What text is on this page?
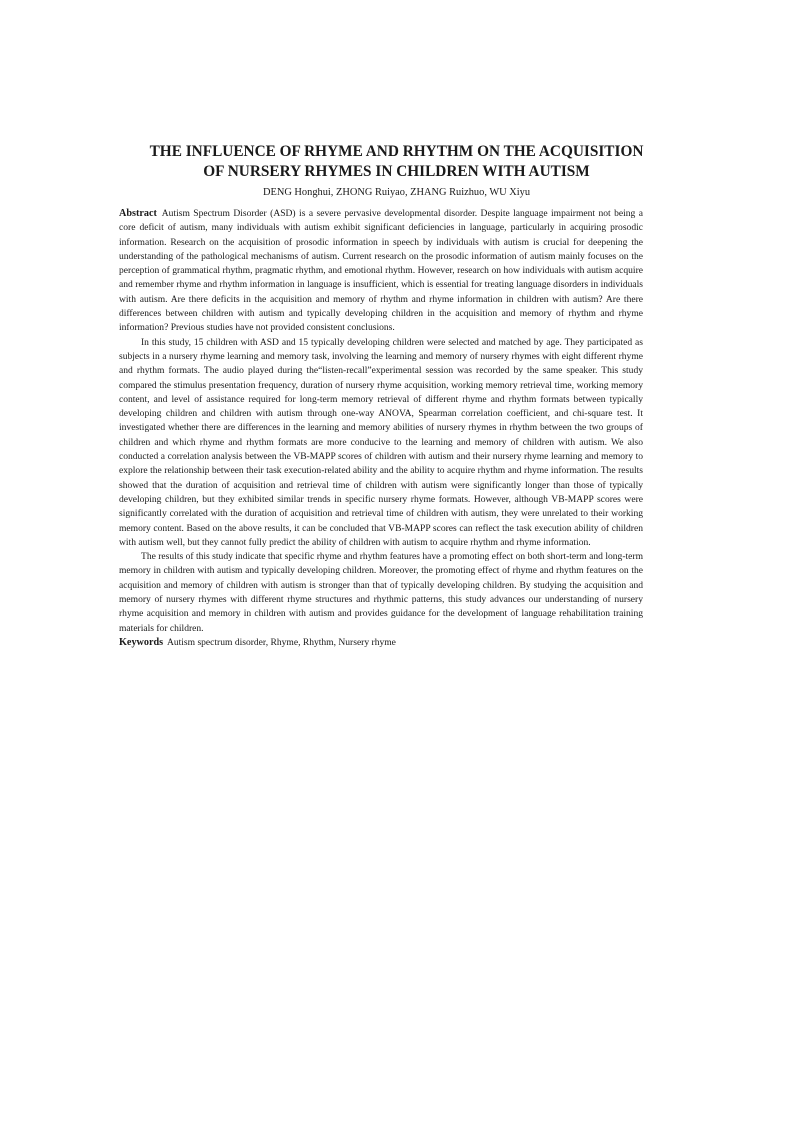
THE INFLUENCE OF RHYME AND RHYTHM ON THE ACQUISITION
OF NURSERY RHYMES IN CHILDREN WITH AUTISM
DENG Honghui, ZHONG Ruiyao, ZHANG Ruizhuo, WU Xiyu

Abstract  Autism Spectrum Disorder (ASD) is a severe pervasive developmental disorder. Despite language impairment not being a core deficit of autism, many individuals with autism exhibit significant deficiencies in language, particularly in acquiring prosodic information. Research on the acquisition of prosodic information in speech by individuals with autism is crucial for deepening the understanding of the pathological mechanisms of autism. Current research on the prosodic information of autism mainly focuses on the perception of grammatical rhythm, pragmatic rhythm, and emotional rhythm. However, research on how individuals with autism acquire and remember rhyme and rhythm information in language is insufficient, which is essential for treating language disorders in individuals with autism. Are there deficits in the acquisition and memory of rhythm and rhyme information in children with autism? Are there differences between children with autism and typically developing children in the acquisition and memory of rhythm and rhyme information? Previous studies have not provided consistent conclusions.

In this study, 15 children with ASD and 15 typically developing children were selected and matched by age. They participated as subjects in a nursery rhyme learning and memory task, involving the learning and memory of nursery rhymes with eight different rhyme and rhythm formats. The audio played during the“listen-recall”experimental session was recorded by the same speaker. This study compared the stimulus presentation frequency, duration of nursery rhyme acquisition, working memory retrieval time, working memory content, and level of assistance required for long-term memory retrieval of different rhyme and rhythm formats between typically developing children and children with autism through one-way ANOVA, Spearman correlation coefficient, and chi-square test. It investigated whether there are differences in the learning and memory abilities of nursery rhymes in rhythm between the two groups of children and which rhyme and rhythm formats are more conducive to the learning and memory of children with autism. We also conducted a correlation analysis between the VB-MAPP scores of children with autism and their nursery rhyme learning and memory to explore the relationship between their task execution-related ability and the ability to acquire rhythm and rhyme information. The results showed that the duration of acquisition and retrieval time of children with autism were significantly longer than those of typically developing children, but they exhibited similar trends in specific nursery rhyme formats. However, although VB-MAPP scores were significantly correlated with the duration of acquisition and retrieval time of children with autism, they were unrelated to their working memory content. Based on the above results, it can be concluded that VB-MAPP scores can reflect the task execution ability of children with autism well, but they cannot fully predict the ability of children with autism to acquire rhythm and rhyme information.

The results of this study indicate that specific rhyme and rhythm features have a promoting effect on both short-term and long-term memory in children with autism and typically developing children. Moreover, the promoting effect of rhyme and rhythm features on the acquisition and memory of children with autism is stronger than that of typically developing children. By studying the acquisition and memory of nursery rhymes with different rhyme structures and rhythmic patterns, this study advances our understanding of nursery rhyme acquisition and memory in children with autism and provides guidance for the development of language rehabilitation training materials for children.

Keywords  Autism spectrum disorder, Rhyme, Rhythm, Nursery rhyme
